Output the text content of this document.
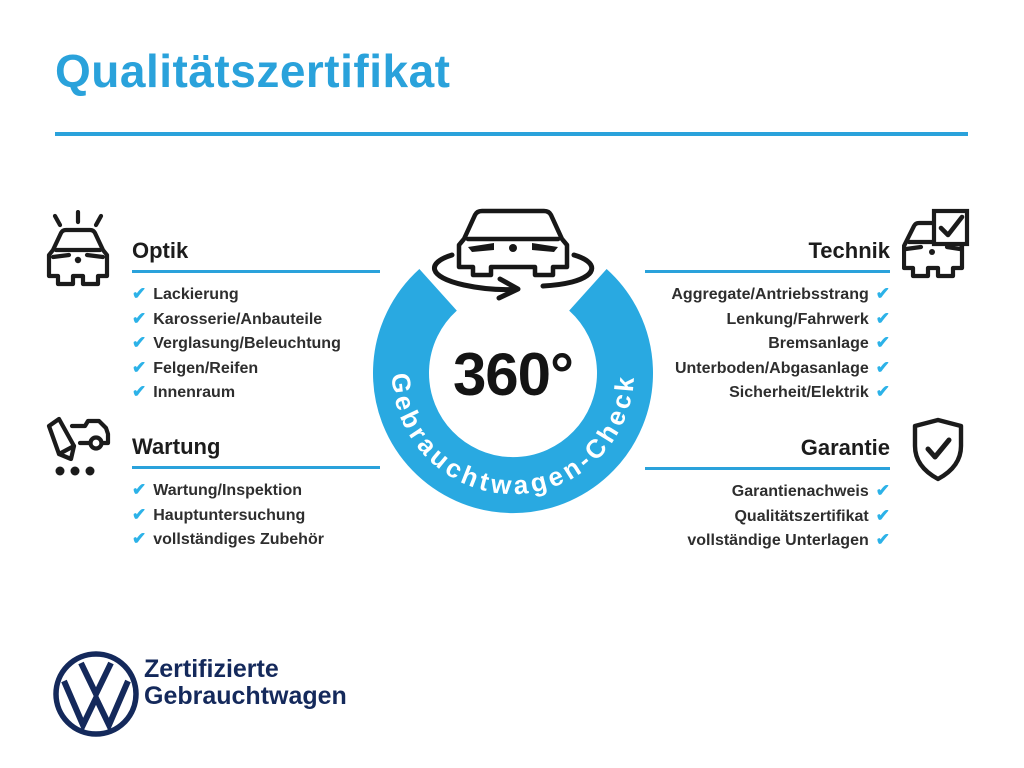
Qualitätszertifikat
Optik
✔ Lackierung
✔ Karosserie/Anbauteile
✔ Verglasung/Beleuchtung
✔ Felgen/Reifen
✔ Innenraum
Wartung
✔ Wartung/Inspektion
✔ Hauptuntersuchung
✔ vollständiges Zubehör
Technik
✔
Aggregate/Antriebsstrang
✔
Lenkung/Fahrwerk
✔
Bremsanlage
✔
Unterboden/Abgasanlage
✔
Sicherheit/Elektrik
Garantie
✔
Garantienachweis
✔
Qualitätszertifikat
✔
vollständige Unterlagen
Gebrauchtwagen-Check
360°
Zertifizierte
Gebrauchtwagen
